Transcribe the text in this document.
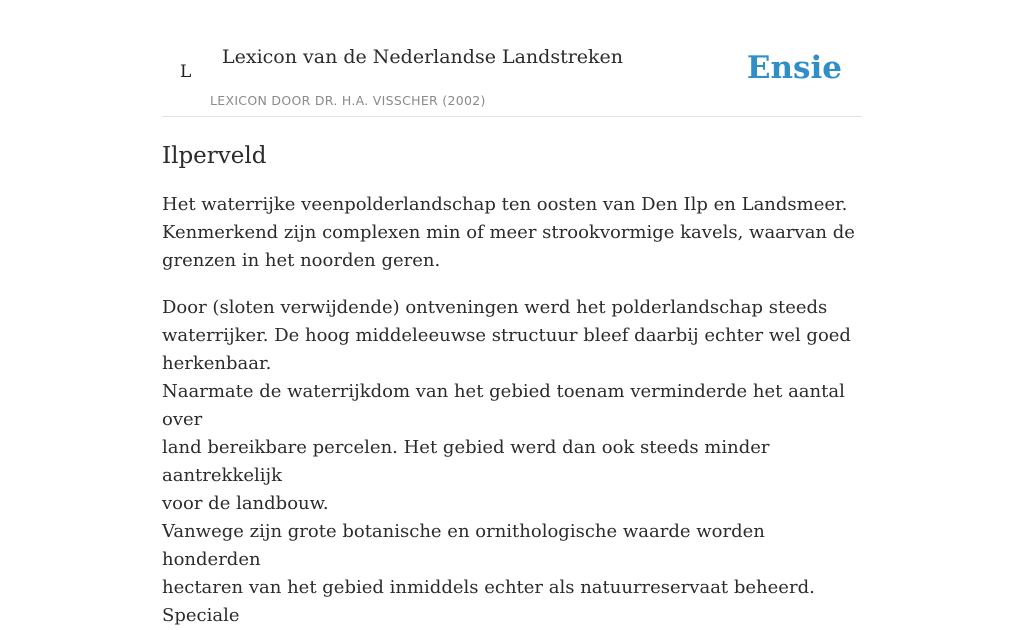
L
Lexicon van de Nederlandse Landstreken
LEXICON DOOR DR. H.A. VISSCHER (2002)
Ensie
Ilperveld

Het waterrijke veenpolderlandschap ten oosten van Den Ilp en Landsmeer.
Kenmerkend zijn complexen min of meer strookvormige kavels, waarvan de
grenzen in het noorden geren.

Door (sloten verwijdende) ontveningen werd het polderlandschap steeds
waterrijker. De hoog middeleeuwse structuur bleef daarbij echter wel goed
herkenbaar.
Naarmate de waterrijkdom van het gebied toenam verminderde het aantal over
land bereikbare percelen. Het gebied werd dan ook steeds minder aantrekkelijk
voor de landbouw.
Vanwege zijn grote botanische en ornithologische waarde worden honderden
hectaren van het gebied inmiddels echter als natuurreservaat beheerd. Speciale
